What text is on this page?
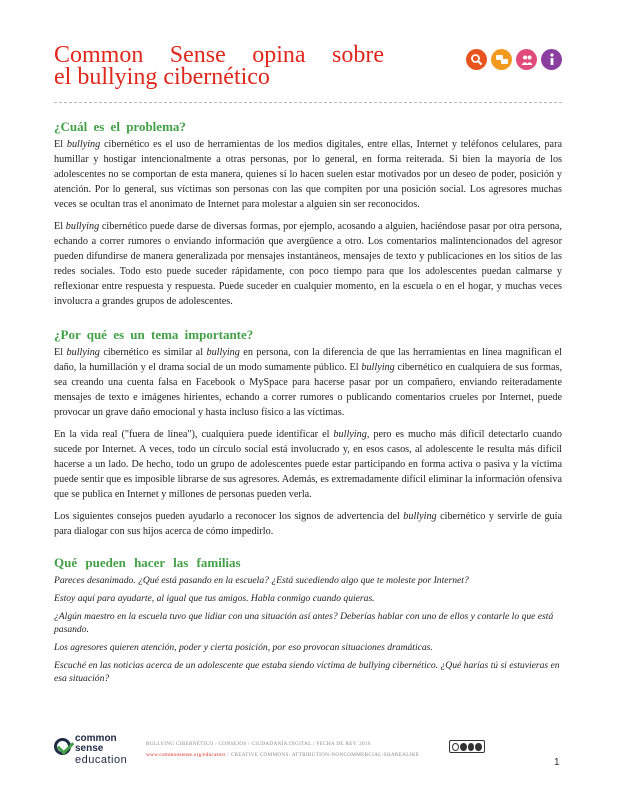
Common Sense opina sobre
el bullying cibernético
¿Cuál es el problema?

El bullying cibernético es el uso de herramientas de los medios digitales, entre ellas, Internet y teléfonos celulares, para humillar y hostigar intencionalmente a otras personas, por lo general, en forma reiterada. Si bien la mayoría de los adolescentes no se comportan de esta manera, quienes sí lo hacen suelen estar motivados por un deseo de poder, posición y atención. Por lo general, sus víctimas son personas con las que compiten por una posición social. Los agresores muchas veces se ocultan tras el anonimato de Internet para molestar a alguien sin ser reconocidos.

El bullying cibernético puede darse de diversas formas, por ejemplo, acosando a alguien, haciéndose pasar por otra persona, echando a correr rumores o enviando información que avergüence a otro. Los comentarios malintencionados del agresor pueden difundirse de manera generalizada por mensajes instantáneos, mensajes de texto y publicaciones en los sitios de las redes sociales. Todo esto puede suceder rápidamente, con poco tiempo para que los adolescentes puedan calmarse y reflexionar entre respuesta y respuesta. Puede suceder en cualquier momento, en la escuela o en el hogar, y muchas veces involucra a grandes grupos de adolescentes.

¿Por qué es un tema importante?

El bullying cibernético es similar al bullying en persona, con la diferencia de que las herramientas en línea magnifican el daño, la humillación y el drama social de un modo sumamente público. El bullying cibernético en cualquiera de sus formas, sea creando una cuenta falsa en Facebook o MySpace para hacerse pasar por un compañero, enviando reiteradamente mensajes de texto e imágenes hirientes, echando a correr rumores o publicando comentarios crueles por Internet, puede provocar un grave daño emocional y hasta incluso físico a las víctimas.

En la vida real ("fuera de línea"), cualquiera puede identificar el bullying, pero es mucho más difícil detectarlo cuando sucede por Internet. A veces, todo un círculo social está involucrado y, en esos casos, al adolescente le resulta más difícil hacerse a un lado. De hecho, todo un grupo de adolescentes puede estar participando en forma activa o pasiva y la víctima puede sentir que es imposible librarse de sus agresores. Además, es extremadamente difícil eliminar la información ofensiva que se publica en Internet y millones de personas pueden verla.

Los siguientes consejos pueden ayudarlo a reconocer los signos de advertencia del bullying cibernético y servirle de guía para dialogar con sus hijos acerca de cómo impedirlo.

Qué pueden hacer las familias
Pareces desanimado. ¿Qué está pasando en la escuela? ¿Está sucediendo algo que te moleste por Internet?
Estoy aquí para ayudarte, al igual que tus amigos. Habla conmigo cuando quieras.
¿Algún maestro en la escuela tuvo que lidiar con una situación así antes? Deberías hablar con uno de ellos y contarle lo que está pasando.
Los agresores quieren atención, poder y cierta posición, por eso provocan situaciones dramáticas.
Escuché en las noticias acerca de un adolescente que estaba siendo víctima de bullying cibernético. ¿Qué harías tú si estuvieras en esa situación?
common
sense
education
BULLYING CIBERNÉTICO / CONSEJOS / CIUDADANÍA DIGITAL / FECHA DE REV. 2016
www.commonsense.org/educators / CREATIVE COMMONS: ATTRIBUTION-NONCOMMERCIAL-SHAREALIKE
1
